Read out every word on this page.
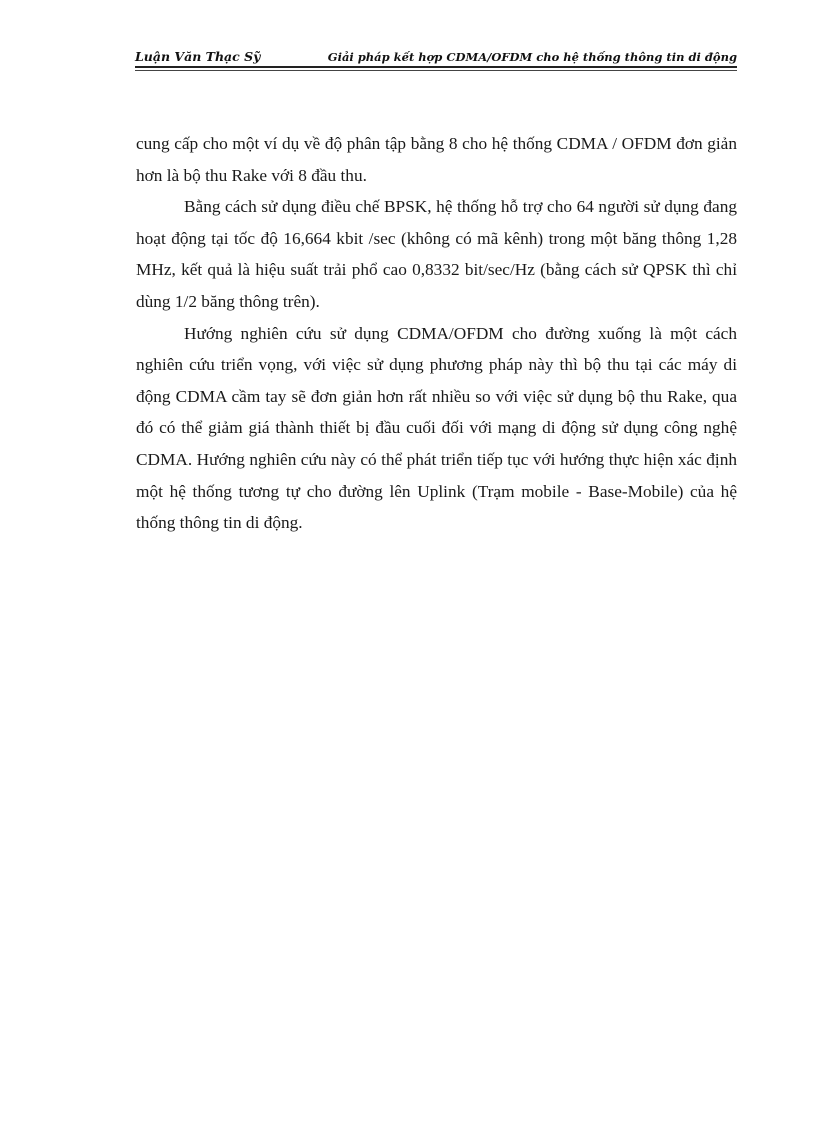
Luận Văn Thạc Sỹ	Giải pháp kết hợp CDMA/OFDM cho hệ thống thông tin di động

cung cấp cho một ví dụ về độ phân tập bằng 8 cho hệ thống CDMA / OFDM đơn giản hơn là bộ thu Rake với 8 đầu thu.

Bằng cách sử dụng điều chế BPSK, hệ thống hỗ trợ cho 64 người sử dụng đang hoạt động tại tốc độ 16,664 kbit /sec (không có mã kênh) trong một băng thông 1,28 MHz, kết quả là hiệu suất trải phổ cao 0,8332 bit/sec/Hz (bằng cách sử QPSK thì chỉ dùng 1/2 băng thông trên).

Hướng nghiên cứu sử dụng CDMA/OFDM cho đường xuống là một cách nghiên cứu triển vọng, với việc sử dụng phương pháp này thì bộ thu tại các máy di động CDMA cầm tay sẽ đơn giản hơn rất nhiều so với việc sử dụng bộ thu Rake, qua đó có thể giảm giá thành thiết bị đầu cuối đối với mạng di động sử dụng công nghệ CDMA. Hướng nghiên cứu này có thể phát triển tiếp tục với hướng thực hiện xác định một hệ thống tương tự cho đường lên Uplink (Trạm mobile - Base-Mobile) của hệ thống thông tin di động.
